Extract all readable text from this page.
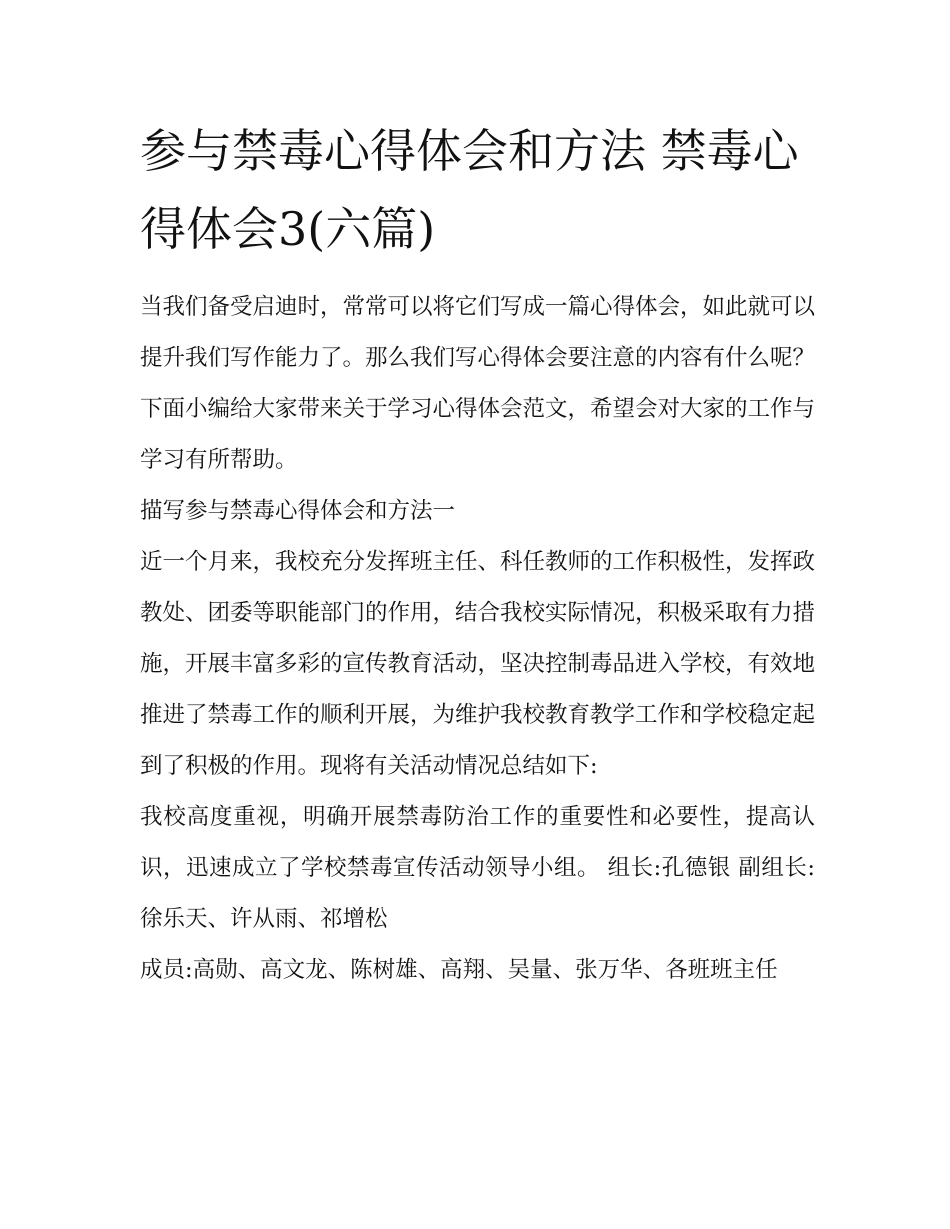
参与禁毒心得体会和方法 禁毒心得体会3(六篇)

当我们备受启迪时，常常可以将它们写成一篇心得体会，如此就可以提升我们写作能力了。那么我们写心得体会要注意的内容有什么呢？下面小编给大家带来关于学习心得体会范文，希望会对大家的工作与学习有所帮助。

描写参与禁毒心得体会和方法一

近一个月来，我校充分发挥班主任、科任教师的工作积极性，发挥政教处、团委等职能部门的作用，结合我校实际情况，积极采取有力措施，开展丰富多彩的宣传教育活动，坚决控制毒品进入学校，有效地推进了禁毒工作的顺利开展，为维护我校教育教学工作和学校稳定起到了积极的作用。现将有关活动情况总结如下:

我校高度重视，明确开展禁毒防治工作的重要性和必要性，提高认识，迅速成立了学校禁毒宣传活动领导小组。 组长:孔德银 副组长:徐乐天、许从雨、祁增松

成员:高勋、高文龙、陈树雄、高翔、吴量、张万华、各班班主任
